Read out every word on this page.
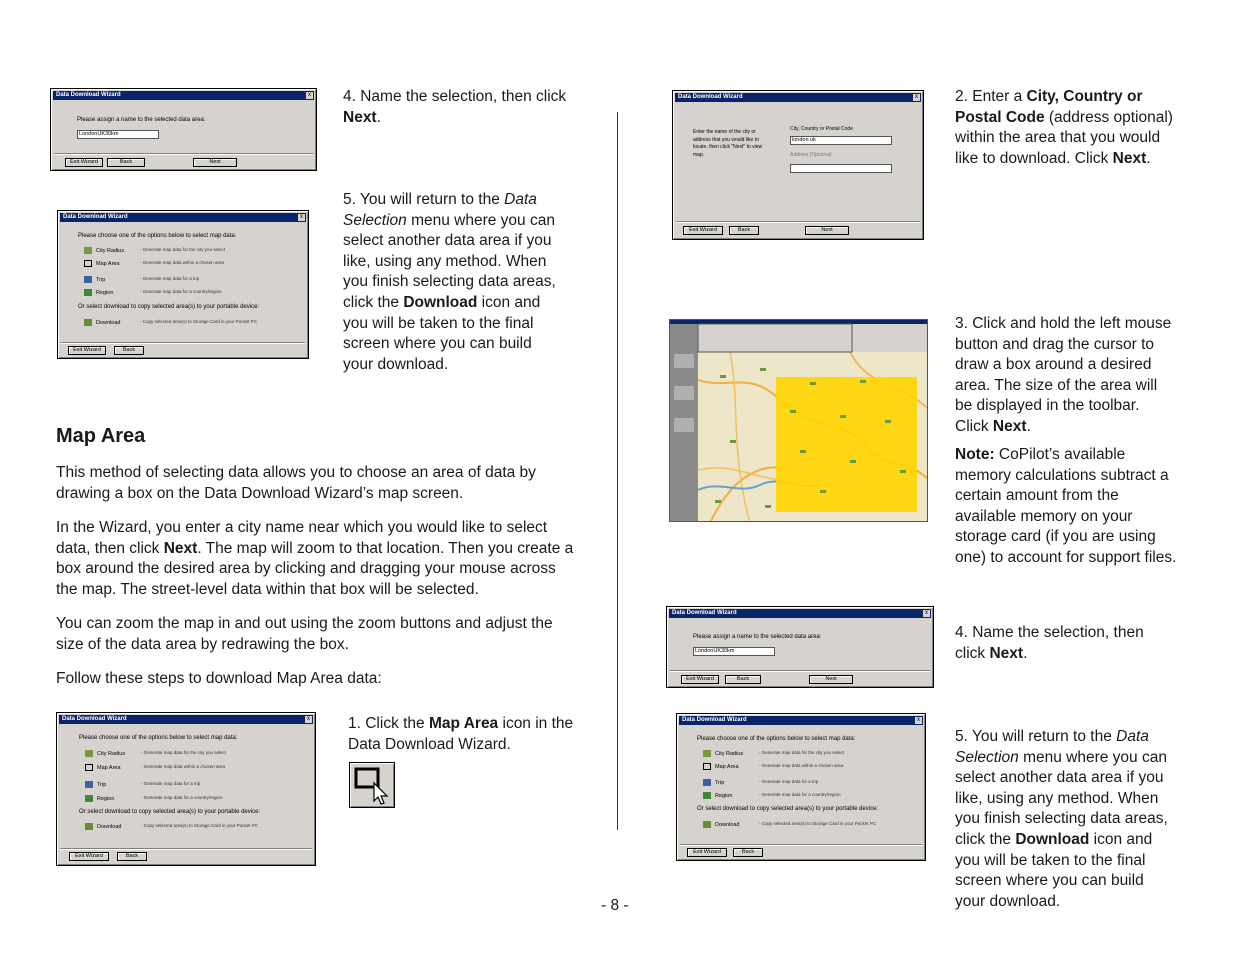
Data Download Wizard	x
Please assign a name to the selected data area:
LondonUK30km
Exit Wizard	Back	Next
4. Name the selection, then click Next.
Data Download Wizard	x
Please choose one of the options below to select map data:
City Radius	- Generate map data for the city you select
Map Area	- Generate map data within a chosen area
Trip	- Generate map data for a trip
Region	- Generate map data for a country/region
Or select download to copy selected area(s) to your portable device:
Download	- Copy selected area(s) to Storage Card in your Pocket PC
Exit Wizard	Back
5. You will return to the Data Selection menu where you can select another data area if you like, using any method. When you finish selecting data areas, click the Download icon and you will be taken to the final screen where you can build your download.
Map Area
This method of selecting data allows you to choose an area of data by drawing a box on the Data Download Wizard’s map screen.
In the Wizard, you enter a city name near which you would like to select data, then click Next. The map will zoom to that location. Then you create a box around the desired area by clicking and dragging your mouse across the map. The street-level data within that box will be selected.
You can zoom the map in and out using the zoom buttons and adjust the size of the data area by redrawing the box.
Follow these steps to download Map Area data:
Data Download Wizard	x
Please choose one of the options below to select map data:
City Radius	- Generate map data for the city you select
Map Area	- Generate map data within a chosen area
Trip	- Generate map data for a trip
Region	- Generate map data for a country/region
Or select download to copy selected area(s) to your portable device:
Download	- Copy selected area(s) to Storage Card in your Pocket PC
Exit Wizard	Back
1. Click the Map Area icon in the Data Download Wizard.
Data Download Wizard	x
Enter the name of the city or address that you would like to locate, then click "Next" to view map.
City, Country or Postal Code
london uk
Address (Optional)
Exit Wizard	Back	Next
2. Enter a City, Country or Postal Code (address optional) within the area that you would like to download. Click Next.
3. Click and hold the left mouse button and drag the cursor to draw a box around a desired area. The size of the area will be displayed in the toolbar. Click Next.
Note: CoPilot’s available memory calculations subtract a certain amount from the available memory on your storage card (if you are using one) to account for support files.
Data Download Wizard	x
Please assign a name to the selected data area:
LondonUK30km
Exit Wizard	Back	Next
4. Name the selection, then click Next.
Data Download Wizard	x
Please choose one of the options below to select map data:
City Radius	- Generate map data for the city you select
Map Area	- Generate map data within a chosen area
Trip	- Generate map data for a trip
Region	- Generate map data for a country/region
Or select download to copy selected area(s) to your portable device:
Download	- Copy selected area(s) to Storage Card in your Pocket PC
Exit Wizard	Back
5. You will return to the Data Selection menu where you can select another data area if you like, using any method. When you finish selecting data areas, click the Download icon and you will be taken to the final screen where you can build your download.
- 8 -
